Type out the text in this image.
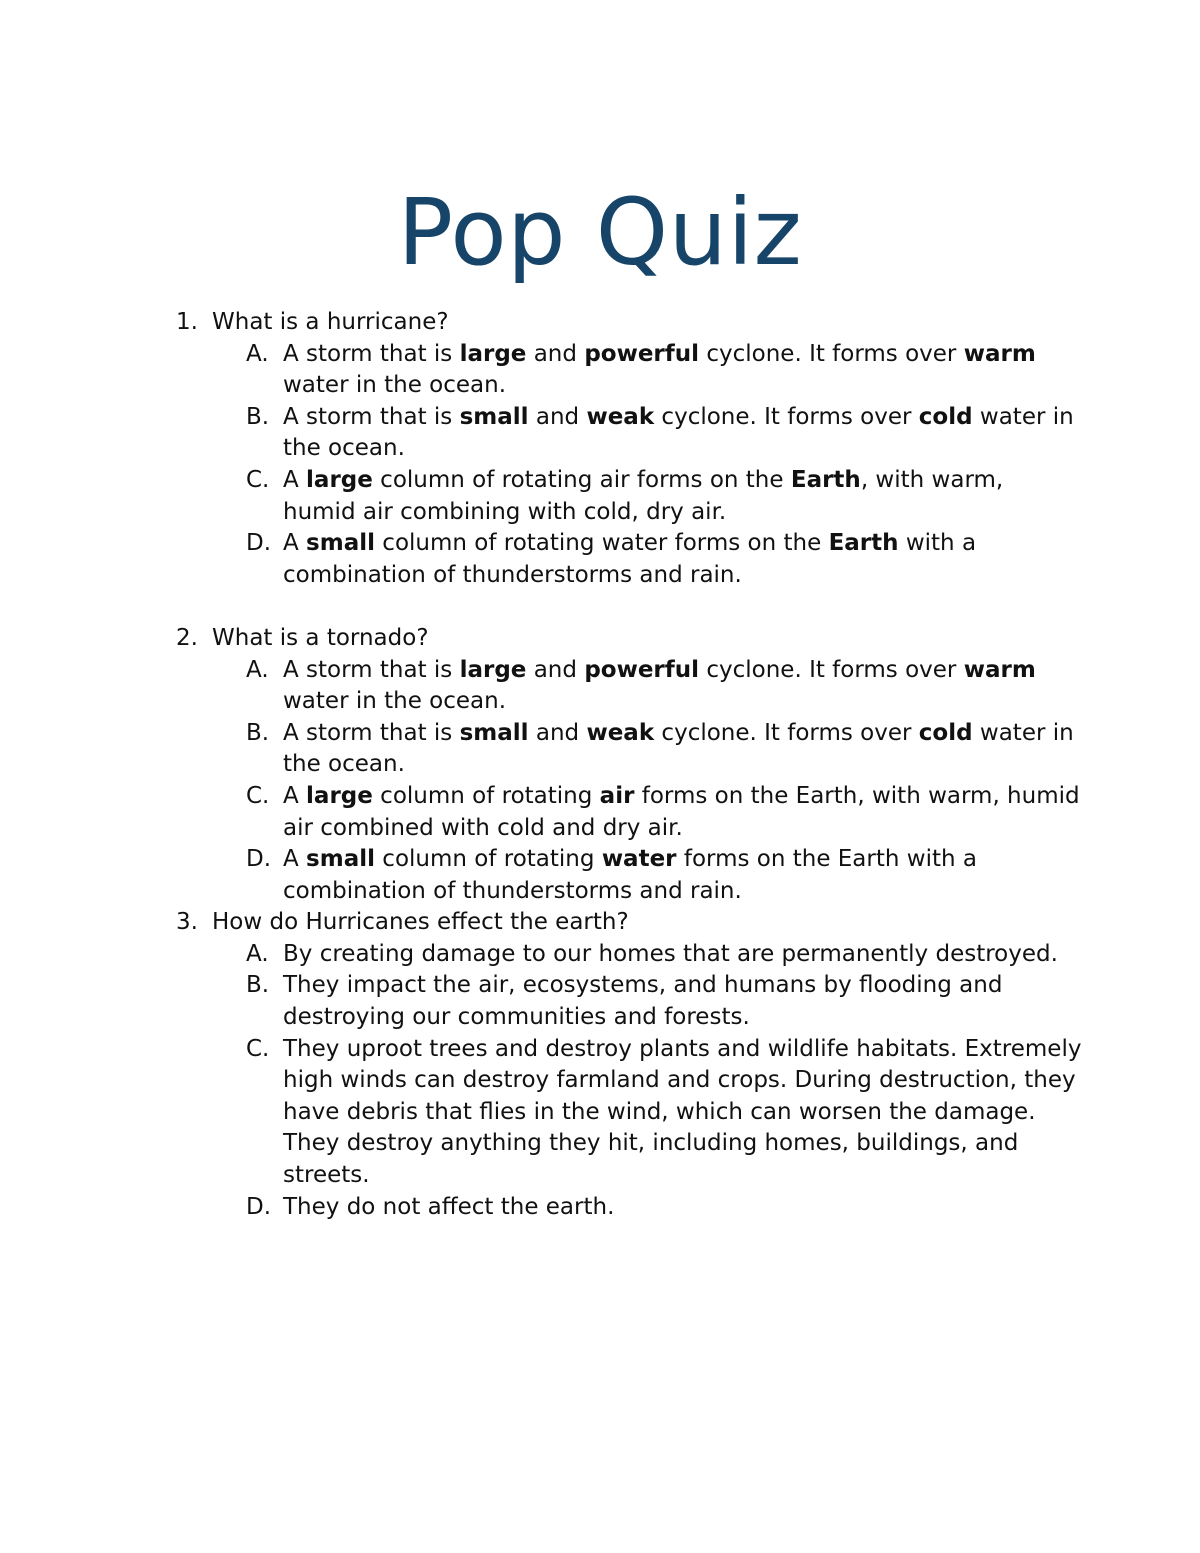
Pop Quiz
1. What is a hurricane?
A. A storm that is large and powerful cyclone. It forms over warm water in the ocean.
B. A storm that is small and weak cyclone. It forms over cold water in the ocean.
C. A large column of rotating air forms on the Earth, with warm, humid air combining with cold, dry air.
D. A small column of rotating water forms on the Earth with a combination of thunderstorms and rain.
2. What is a tornado?
A. A storm that is large and powerful cyclone. It forms over warm water in the ocean.
B. A storm that is small and weak cyclone. It forms over cold water in the ocean.
C. A large column of rotating air forms on the Earth, with warm, humid air combined with cold and dry air.
D. A small column of rotating water forms on the Earth with a combination of thunderstorms and rain.
3. How do Hurricanes effect the earth?
A. By creating damage to our homes that are permanently destroyed.
B. They impact the air, ecosystems, and humans by flooding and destroying our communities and forests.
C. They uproot trees and destroy plants and wildlife habitats. Extremely high winds can destroy farmland and crops. During destruction, they have debris that flies in the wind, which can worsen the damage. They destroy anything they hit, including homes, buildings, and streets.
D. They do not affect the earth.
